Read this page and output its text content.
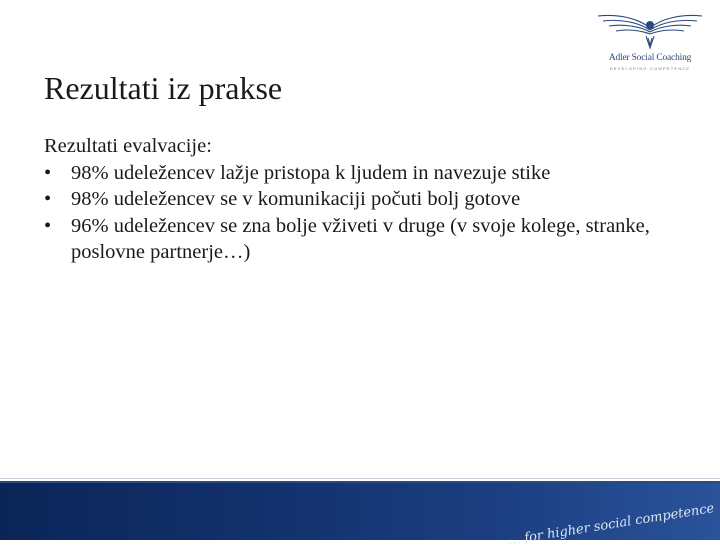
Adler Social Coaching
DEVELOPING COMPETENCE
Rezultati iz prakse

Rezultati evalvacije:

• 98% udeležencev lažje pristopa k ljudem in navezuje stike
• 98% udeležencev se v komunikaciji počuti bolj gotove
• 96% udeležencev se zna bolje vživeti v druge (v svoje kolege, stranke, poslovne partnerje…)
… for higher social competence
